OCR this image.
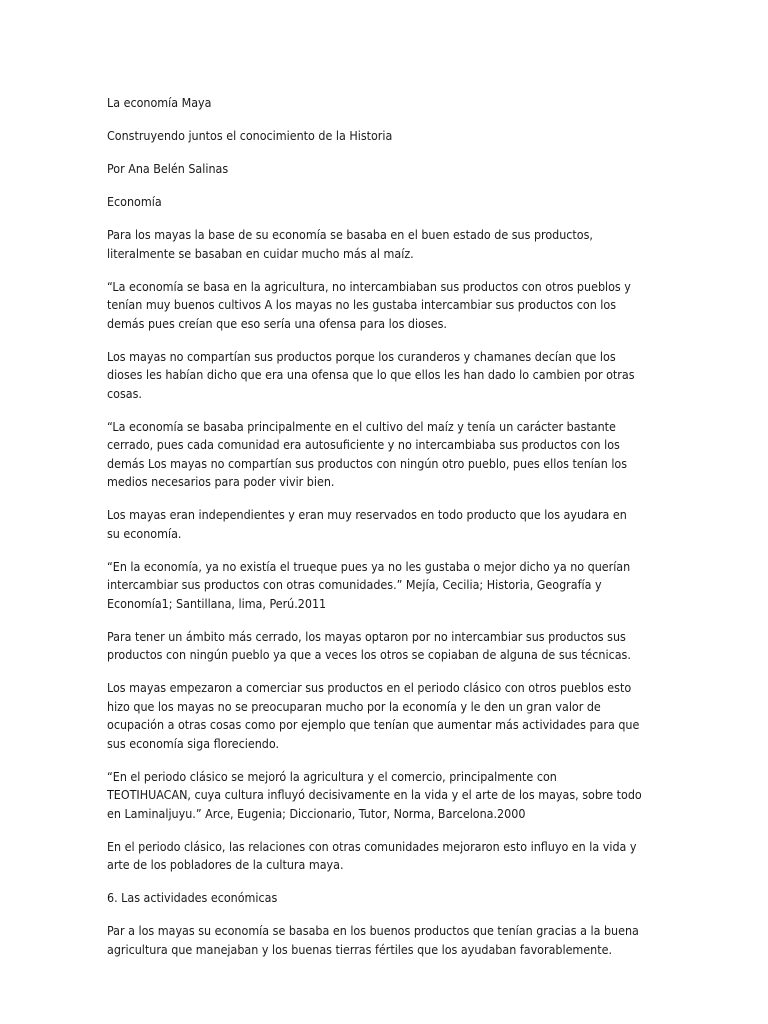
La economía Maya

Construyendo juntos el conocimiento de la Historia

Por Ana Belén Salinas

Economía

Para los mayas la base de su economía se basaba en el buen estado de sus productos, literalmente se basaban en cuidar mucho más al maíz.

“La economía se basa en la agricultura, no intercambiaban sus productos con otros pueblos y tenían muy buenos cultivos A los mayas no les gustaba intercambiar sus productos con los demás pues creían que eso sería una ofensa para los dioses.

Los mayas no compartían sus productos porque los curanderos y chamanes decían que los dioses les habían dicho que era una ofensa que lo que ellos les han dado lo cambien por otras cosas.

“La economía se basaba principalmente en el cultivo del maíz y tenía un carácter bastante cerrado, pues cada comunidad era autosuficiente y no intercambiaba sus productos con los demás Los mayas no compartían sus productos con ningún otro pueblo, pues ellos tenían los medios necesarios para poder vivir bien.

Los mayas eran independientes y eran muy reservados en todo producto que los ayudara en su economía.

“En la economía, ya no existía el trueque pues ya no les gustaba o mejor dicho ya no querían intercambiar sus productos con otras comunidades.” Mejía, Cecilia; Historia, Geografía y Economía1; Santillana, lima, Perú.2011

Para tener un ámbito más cerrado, los mayas optaron por no intercambiar sus productos sus productos con ningún pueblo ya que a veces los otros se copiaban de alguna de sus técnicas.

Los mayas empezaron a comerciar sus productos en el periodo clásico con otros pueblos esto hizo que los mayas no se preocuparan mucho por la economía y le den un gran valor de ocupación a otras cosas como por ejemplo que tenían que aumentar más actividades para que sus economía siga floreciendo.

“En el periodo clásico se mejoró la agricultura y el comercio, principalmente con TEOTIHUACAN, cuya cultura influyó decisivamente en la vida y el arte de los mayas, sobre todo en Laminaljuyu.” Arce, Eugenia; Diccionario, Tutor, Norma, Barcelona.2000

En el periodo clásico, las relaciones con otras comunidades mejoraron esto influyo en la vida y arte de los pobladores de la cultura maya.

6. Las actividades económicas

Par a los mayas su economía se basaba en los buenos productos que tenían gracias a la buena agricultura que manejaban y los buenas tierras fértiles que los ayudaban favorablemente.
